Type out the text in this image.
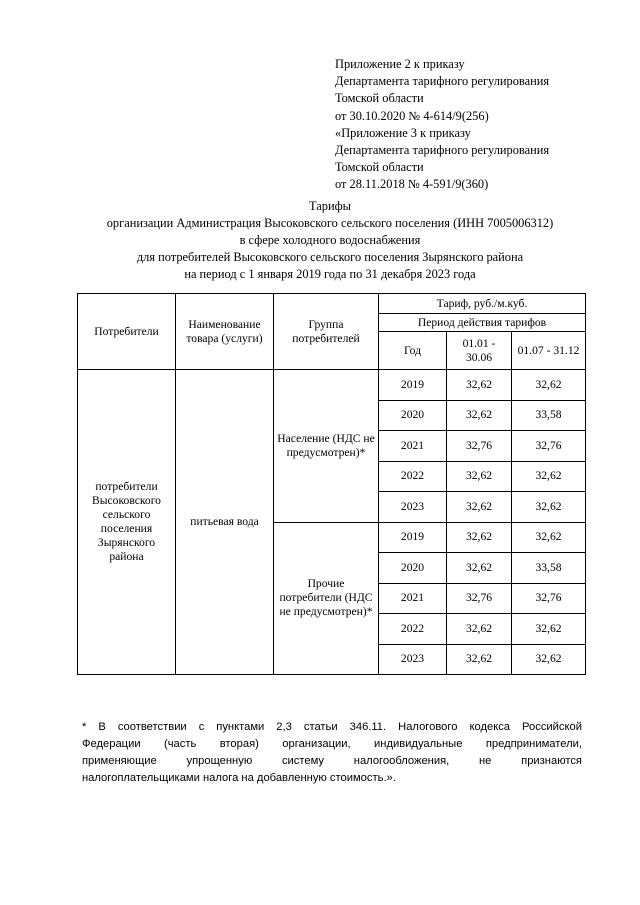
Приложение 2 к приказу
Департамента тарифного регулирования
Томской области
от 30.10.2020 № 4-614/9(256)
«Приложение 3 к приказу
Департамента тарифного регулирования
Томской области
от 28.11.2018 № 4-591/9(360)
Тарифы
организации Администрация Высоковского сельского поселения (ИНН 7005006312)
в сфере холодного водоснабжения
для потребителей Высоковского сельского поселения Зырянского района
на период с 1 января 2019 года по 31 декабря 2023 года
Потребители	Наименование товара (услуги)	Группа потребителей	Тариф, руб./м.куб.		
			Период действия тарифов		
			Год	01.01 - 30.06	01.07 - 31.12
потребители Высоковского сельского поселения Зырянского района	питьевая вода	Население (НДС не предусмотрен)*	2019	32,62	32,62
			2020	32,62	33,58
			2021	32,76	32,76
			2022	32,62	32,62
			2023	32,62	32,62
		Прочие потребители (НДС не предусмотрен)*	2019	32,62	32,62
			2020	32,62	33,58
			2021	32,76	32,76
			2022	32,62	32,62
			2023	32,62	32,62
* В соответствии с пунктами 2,3 статьи 346.11. Налогового кодекса Российской
Федерации (часть вторая) организации, индивидуальные предприниматели,
применяющие упрощенную систему налогообложения, не признаются
налогоплательщиками налога на добавленную стоимость.».
